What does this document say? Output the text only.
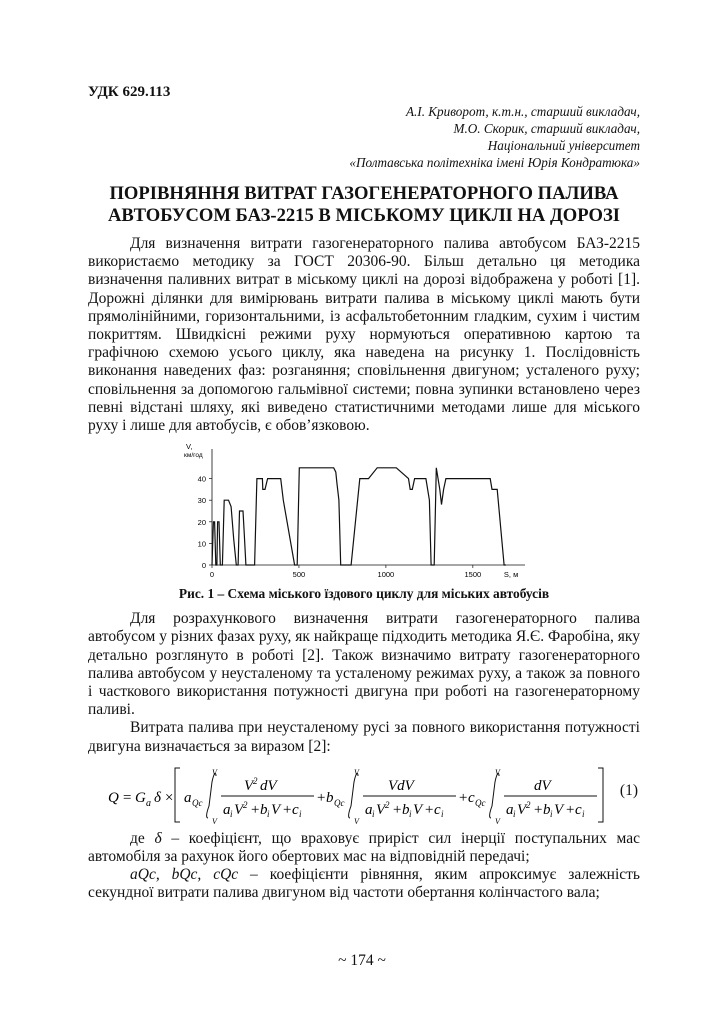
УДК 629.113
А.І. Криворот, к.т.н., старший викладач,
М.О. Скорик, старший викладач,
Національний університет
«Полтавська політехніка імені Юрія Кондратюка»
ПОРІВНЯННЯ ВИТРАТ ГАЗОГЕНЕРАТОРНОГО ПАЛИВА
АВТОБУСОМ БАЗ-2215 В МІСЬКОМУ ЦИКЛІ НА ДОРОЗІ

Для визначення витрати газогенераторного палива автобусом БАЗ-2215 використаємо методику за ГОСТ 20306-90. Більш детально ця методика визначення паливних витрат в міському циклі на дорозі відображена у роботі [1]. Дорожні ділянки для вимірювань витрати палива в міському циклі мають бути прямолінійними, горизонтальними, із асфальтобетонним гладким, сухим і чистим покриттям. Швидкісні режими руху нормуються оперативною картою та графічною схемою усього циклу, яка наведена на рисунку 1. Послідовність виконання наведених фаз: розганяння; сповільнення двигуном; усталеного руху; сповільнення за допомогою гальмівної системи; повна зупинки встановлено через певні відстані шляху, які виведено статистичними методами лише для міського руху і лише для автобусів, є обов’язковою.

0
10
20
30
40
0	500	1000	1500
V,
км/год
S, м
Рис. 1 – Схема міського їздового циклу для міських автобусів

Для розрахункового визначення витрати газогенераторного палива автобусом у різних фазах руху, як найкраще підходить методика Я.Є. Фаробіна, яку детально розглянуто в роботі [2]. Також визначимо витрату газогенераторного палива автобусом у неусталеному та усталеному режимах руху, а також за повного і часткового використання потужності двигуна при роботі на газогенераторному паливі.

Витрата палива при неусталеному русі за повного використання потужності двигуна визначається за виразом [2]:

Q = G a δ × a Qc
V
V
V 2 dV
a i V 2 + b i V + c i
+ b Qc
V
V
VdV
a i V 2 + b i V + c i
+ c Qc
V
V
dV
a i V 2 + b i V + c i
(1)

де δ – коефіцієнт, що враховує приріст сил інерції поступальних мас автомобіля за рахунок його обертових мас на відповідній передачі;

aQc, bQc, cQc – коефіцієнти рівняння, яким апроксимує залежність секундної витрати палива двигуном від частоти обертання колінчастого вала;

~ 174 ~
